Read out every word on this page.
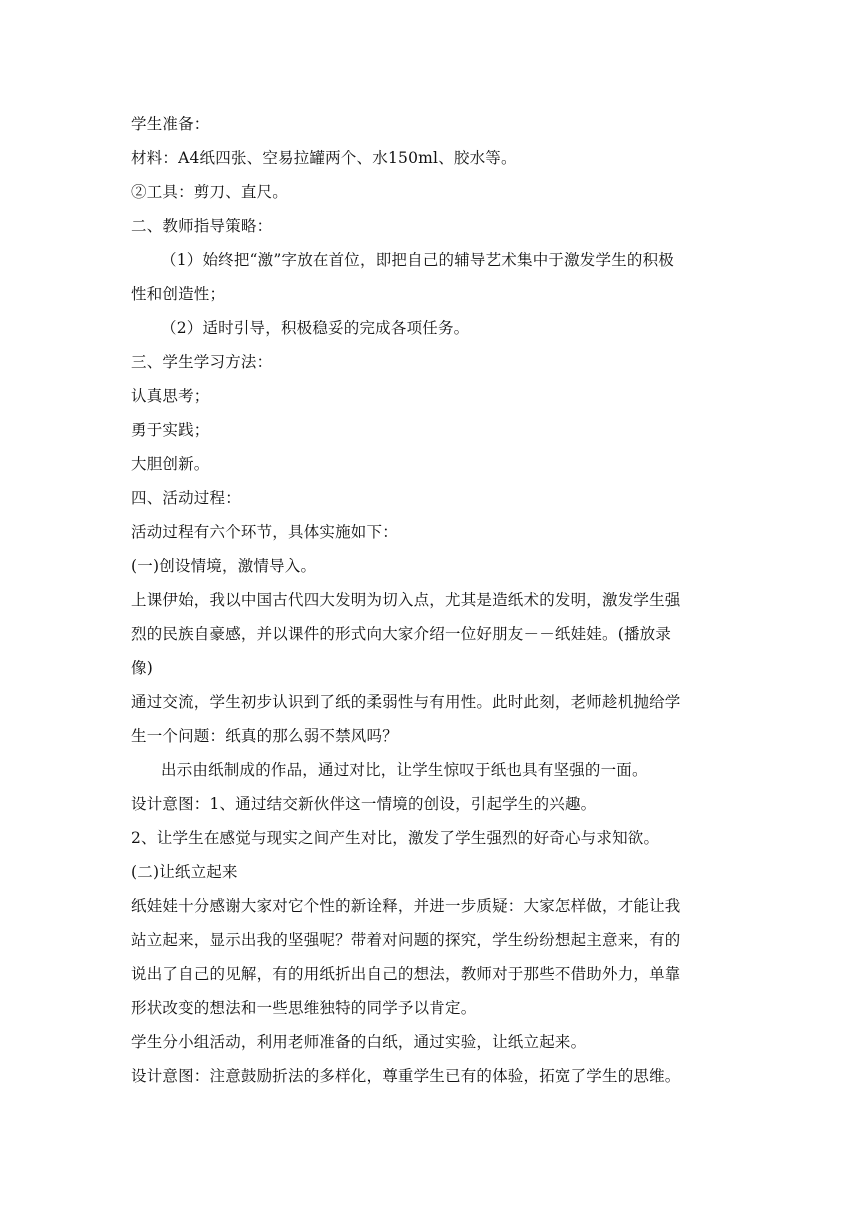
学生准备：
材料：A4纸四张、空易拉罐两个、水150ml、胶水等。
②工具：剪刀、直尺。
二、教师指导策略：
（1）始终把“激”字放在首位，即把自己的辅导艺术集中于激发学生的积极
性和创造性；
（2）适时引导，积极稳妥的完成各项任务。
三、学生学习方法：
认真思考；
勇于实践；
大胆创新。
四、活动过程：
活动过程有六个环节，具体实施如下：
(一)创设情境，激情导入。
上课伊始，我以中国古代四大发明为切入点，尤其是造纸术的发明，激发学生强
烈的民族自豪感，并以课件的形式向大家介绍一位好朋友－－纸娃娃。(播放录
像)
通过交流，学生初步认识到了纸的柔弱性与有用性。此时此刻，老师趁机抛给学
生一个问题：纸真的那么弱不禁风吗？
出示由纸制成的作品，通过对比，让学生惊叹于纸也具有坚强的一面。
设计意图：1、通过结交新伙伴这一情境的创设，引起学生的兴趣。
2、让学生在感觉与现实之间产生对比，激发了学生强烈的好奇心与求知欲。
(二)让纸立起来
纸娃娃十分感谢大家对它个性的新诠释，并进一步质疑：大家怎样做，才能让我
站立起来，显示出我的坚强呢？带着对问题的探究，学生纷纷想起主意来，有的
说出了自己的见解，有的用纸折出自己的想法，教师对于那些不借助外力，单靠
形状改变的想法和一些思维独特的同学予以肯定。
学生分小组活动，利用老师准备的白纸，通过实验，让纸立起来。
设计意图：注意鼓励折法的多样化，尊重学生已有的体验，拓宽了学生的思维。
